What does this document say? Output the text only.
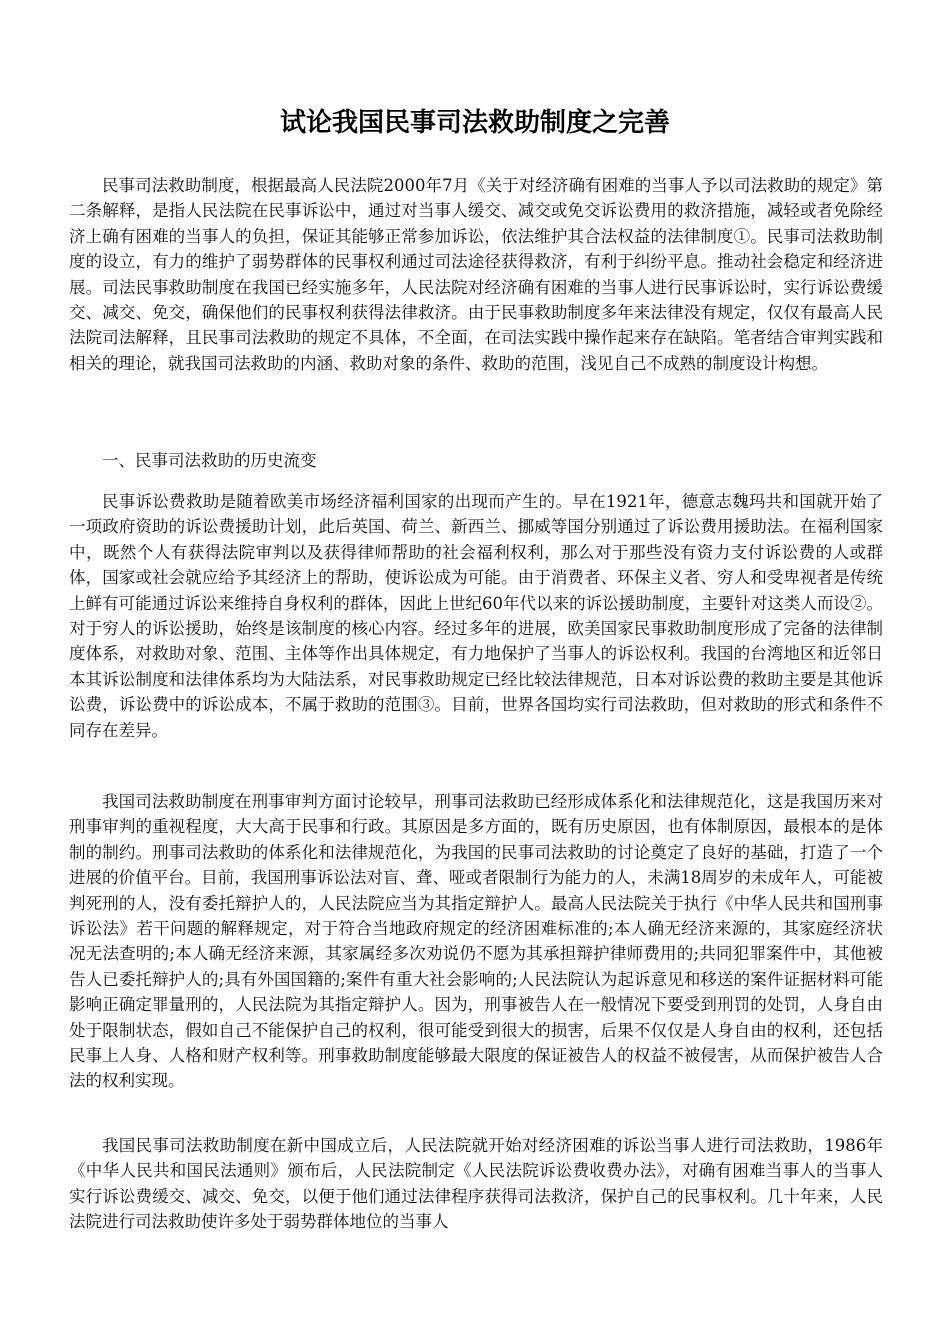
试论我国民事司法救助制度之完善

民事司法救助制度，根据最高人民法院2000年7月《关于对经济确有困难的当事人予以司法救助的规定》第二条解释，是指人民法院在民事诉讼中，通过对当事人缓交、减交或免交诉讼费用的救济措施，减轻或者免除经济上确有困难的当事人的负担，保证其能够正常参加诉讼，依法维护其合法权益的法律制度①。民事司法救助制度的设立，有力的维护了弱势群体的民事权利通过司法途径获得救济，有利于纠纷平息。推动社会稳定和经济进展。司法民事救助制度在我国已经实施多年，人民法院对经济确有困难的当事人进行民事诉讼时，实行诉讼费缓交、减交、免交，确保他们的民事权利获得法律救济。由于民事救助制度多年来法律没有规定，仅仅有最高人民法院司法解释，且民事司法救助的规定不具体，不全面，在司法实践中操作起来存在缺陷。笔者结合审判实践和相关的理论，就我国司法救助的内涵、救助对象的条件、救助的范围，浅见自己不成熟的制度设计构想。

一、民事司法救助的历史流变

民事诉讼费救助是随着欧美市场经济福利国家的出现而产生的。早在1921年，德意志魏玛共和国就开始了一项政府资助的诉讼费援助计划，此后英国、荷兰、新西兰、挪威等国分别通过了诉讼费用援助法。在福利国家中，既然个人有获得法院审判以及获得律师帮助的社会福利权利，那么对于那些没有资力支付诉讼费的人或群体，国家或社会就应给予其经济上的帮助，使诉讼成为可能。由于消费者、环保主义者、穷人和受卑视者是传统上鲜有可能通过诉讼来维持自身权利的群体，因此上世纪60年代以来的诉讼援助制度，主要针对这类人而设②。对于穷人的诉讼援助，始终是该制度的核心内容。经过多年的进展，欧美国家民事救助制度形成了完备的法律制度体系，对救助对象、范围、主体等作出具体规定，有力地保护了当事人的诉讼权利。我国的台湾地区和近邻日本其诉讼制度和法律体系均为大陆法系，对民事救助规定已经比较法律规范，日本对诉讼费的救助主要是其他诉讼费，诉讼费中的诉讼成本，不属于救助的范围③。目前，世界各国均实行司法救助，但对救助的形式和条件不同存在差异。

我国司法救助制度在刑事审判方面讨论较早，刑事司法救助已经形成体系化和法律规范化，这是我国历来对刑事审判的重视程度，大大高于民事和行政。其原因是多方面的，既有历史原因，也有体制原因，最根本的是体制的制约。刑事司法救助的体系化和法律规范化，为我国的民事司法救助的讨论奠定了良好的基础，打造了一个进展的价值平台。目前，我国刑事诉讼法对盲、聋、哑或者限制行为能力的人，未满18周岁的未成年人，可能被判死刑的人，没有委托辩护人的，人民法院应当为其指定辩护人。最高人民法院关于执行《中华人民共和国刑事诉讼法》若干问题的解释规定，对于符合当地政府规定的经济困难标准的;本人确无经济来源的，其家庭经济状况无法查明的;本人确无经济来源，其家属经多次劝说仍不愿为其承担辩护律师费用的;共同犯罪案件中，其他被告人已委托辩护人的;具有外国国籍的;案件有重大社会影响的;人民法院认为起诉意见和移送的案件证据材料可能影响正确定罪量刑的，人民法院为其指定辩护人。因为，刑事被告人在一般情况下要受到刑罚的处罚，人身自由处于限制状态，假如自己不能保护自己的权利，很可能受到很大的损害，后果不仅仅是人身自由的权利，还包括民事上人身、人格和财产权利等。刑事救助制度能够最大限度的保证被告人的权益不被侵害，从而保护被告人合法的权利实现。

我国民事司法救助制度在新中国成立后，人民法院就开始对经济困难的诉讼当事人进行司法救助，1986年《中华人民共和国民法通则》颁布后，人民法院制定《人民法院诉讼费收费办法》，对确有困难当事人的当事人实行诉讼费缓交、减交、免交，以便于他们通过法律程序获得司法救济，保护自己的民事权利。几十年来，人民法院进行司法救助使许多处于弱势群体地位的当事人
